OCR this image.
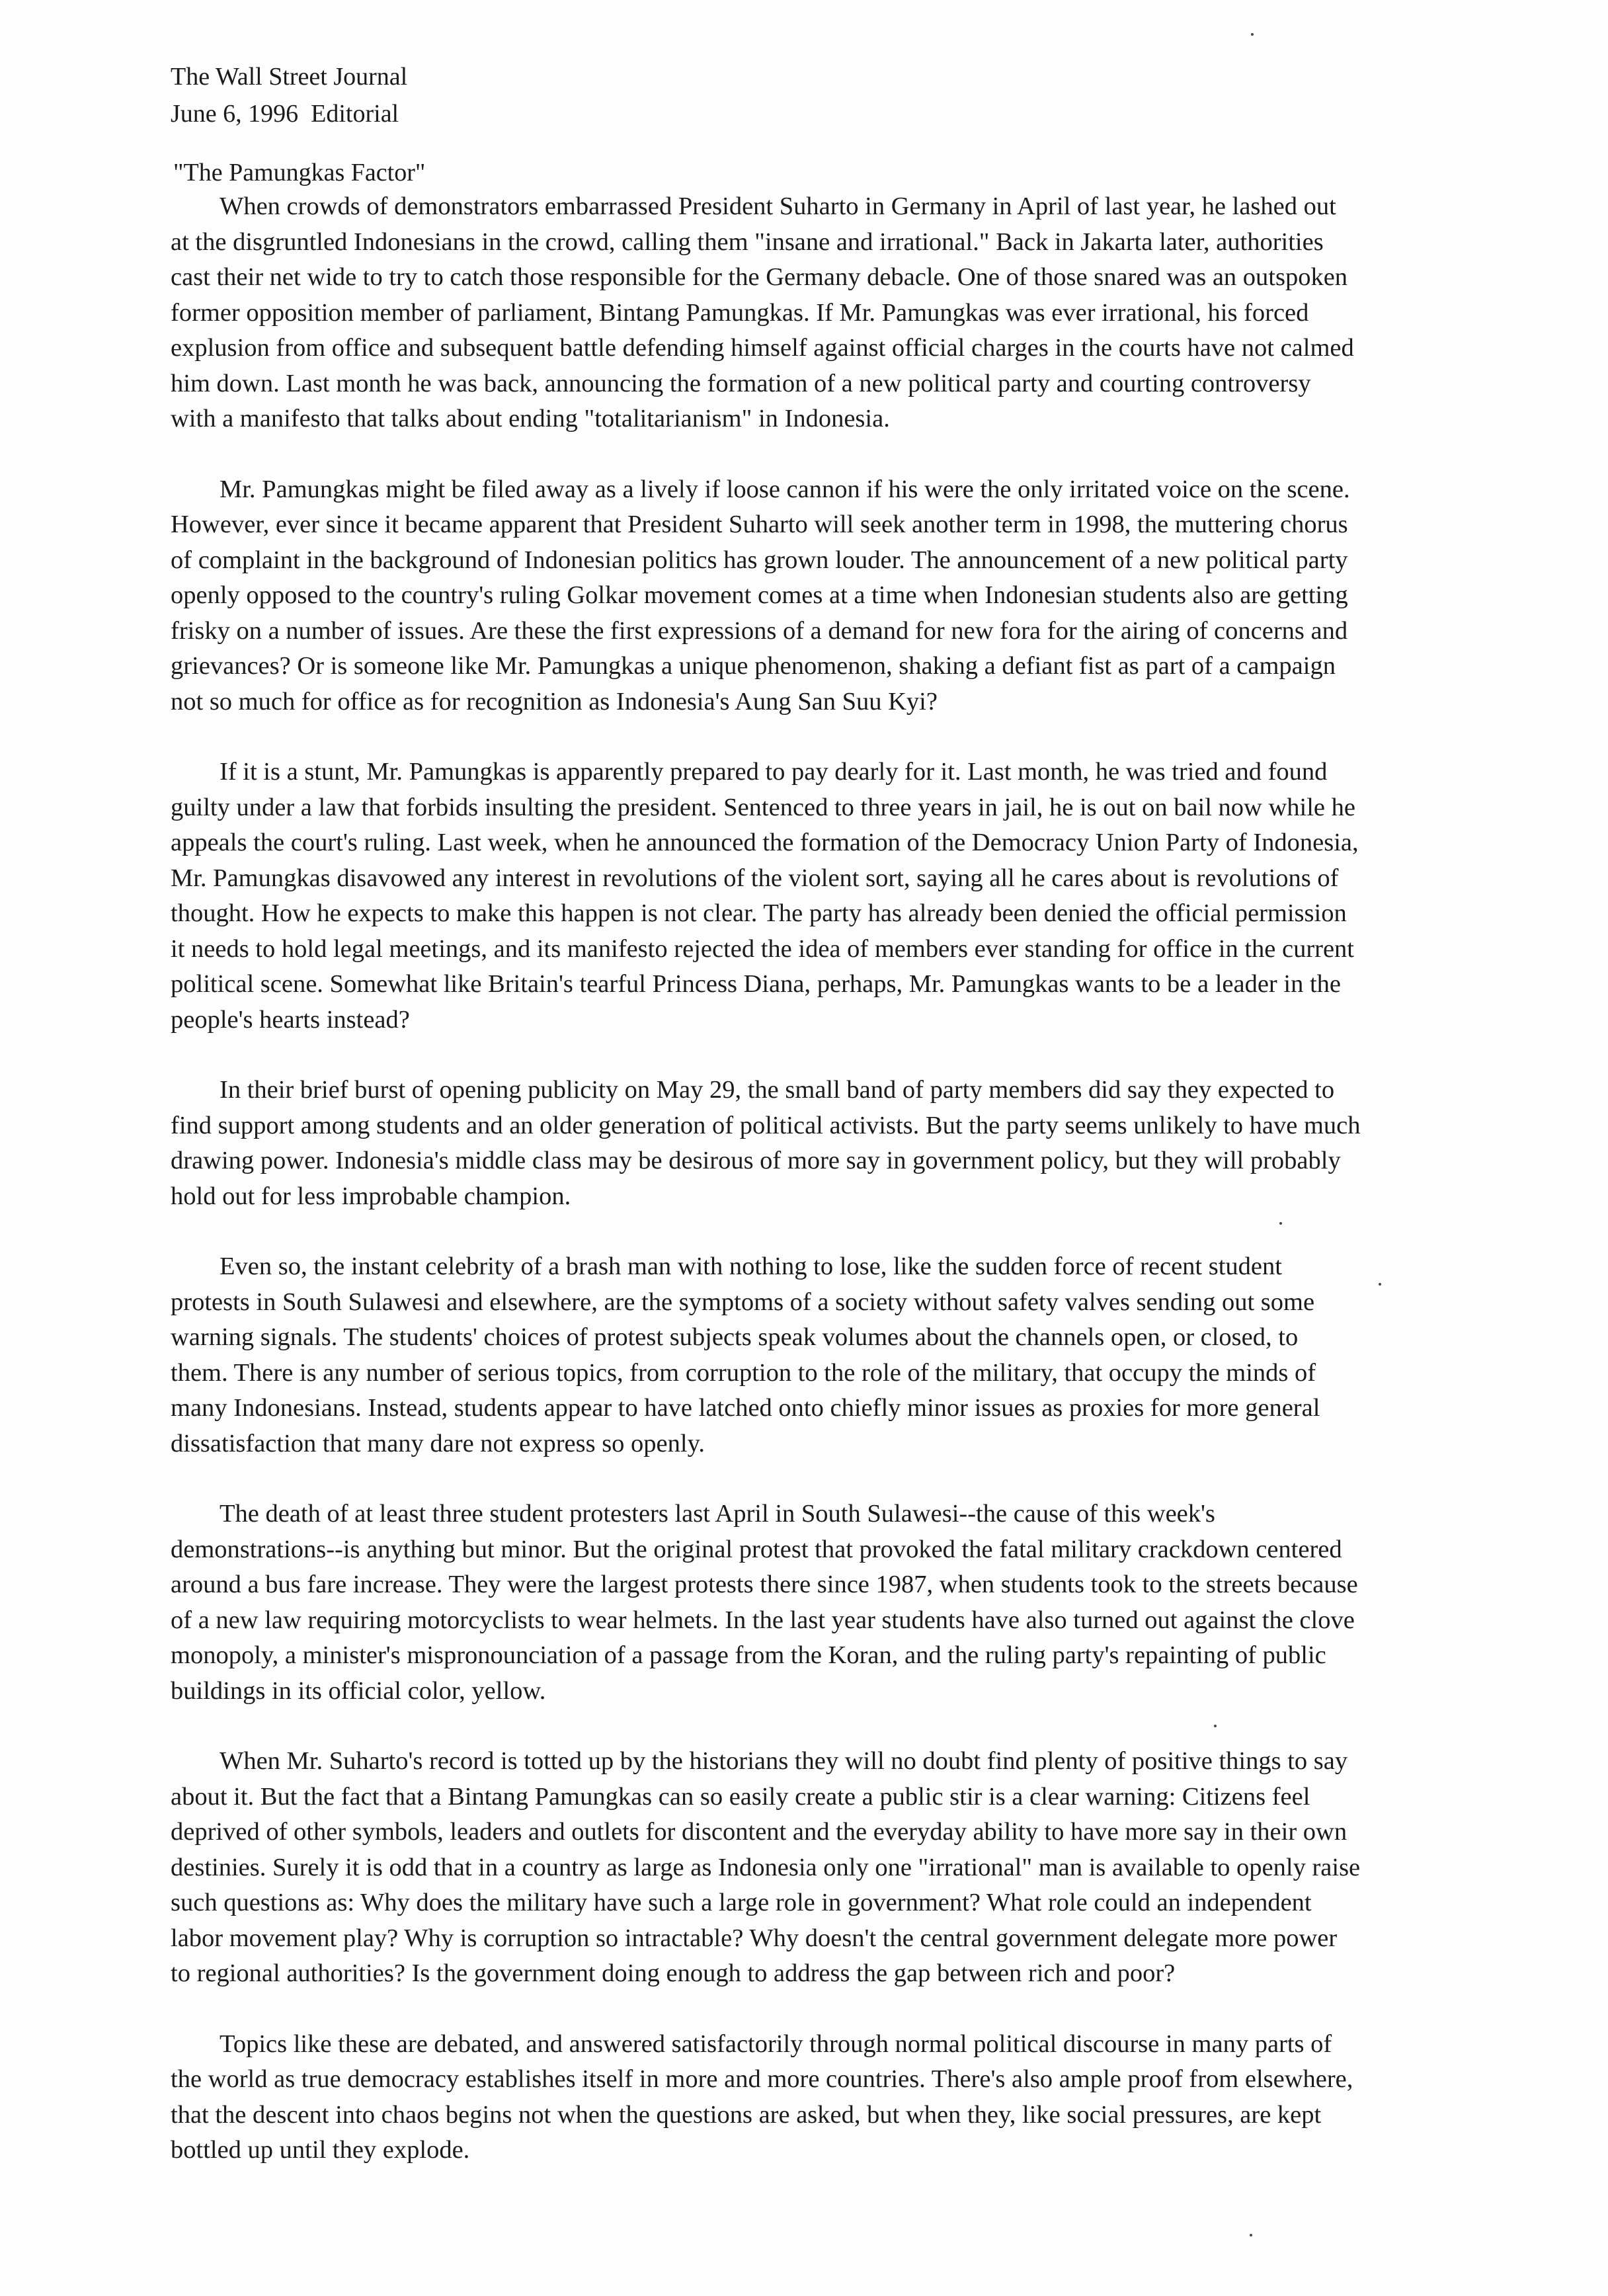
The Wall Street Journal
June 6, 1996  Editorial
"The Pamungkas Factor"

When crowds of demonstrators embarrassed President Suharto in Germany in April of last year, he lashed out at the disgruntled Indonesians in the crowd, calling them "insane and irrational." Back in Jakarta later, authorities cast their net wide to try to catch those responsible for the Germany debacle. One of those snared was an outspoken former opposition member of parliament, Bintang Pamungkas. If Mr. Pamungkas was ever irrational, his forced explusion from office and subsequent battle defending himself against official charges in the courts have not calmed him down. Last month he was back, announcing the formation of a new political party and courting controversy with a manifesto that talks about ending "totalitarianism" in Indonesia.

Mr. Pamungkas might be filed away as a lively if loose cannon if his were the only irritated voice on the scene. However, ever since it became apparent that President Suharto will seek another term in 1998, the muttering chorus of complaint in the background of Indonesian politics has grown louder. The announcement of a new political party openly opposed to the country's ruling Golkar movement comes at a time when Indonesian students also are getting frisky on a number of issues. Are these the first expressions of a demand for new fora for the airing of concerns and grievances? Or is someone like Mr. Pamungkas a unique phenomenon, shaking a defiant fist as part of a campaign not so much for office as for recognition as Indonesia's Aung San Suu Kyi?

If it is a stunt, Mr. Pamungkas is apparently prepared to pay dearly for it. Last month, he was tried and found guilty under a law that forbids insulting the president. Sentenced to three years in jail, he is out on bail now while he appeals the court's ruling. Last week, when he announced the formation of the Democracy Union Party of Indonesia, Mr. Pamungkas disavowed any interest in revolutions of the violent sort, saying all he cares about is revolutions of thought. How he expects to make this happen is not clear. The party has already been denied the official permission it needs to hold legal meetings, and its manifesto rejected the idea of members ever standing for office in the current political scene. Somewhat like Britain's tearful Princess Diana, perhaps, Mr. Pamungkas wants to be a leader in the people's hearts instead?

In their brief burst of opening publicity on May 29, the small band of party members did say they expected to find support among students and an older generation of political activists. But the party seems unlikely to have much drawing power. Indonesia's middle class may be desirous of more say in government policy, but they will probably hold out for less improbable champion.

Even so, the instant celebrity of a brash man with nothing to lose, like the sudden force of recent student protests in South Sulawesi and elsewhere, are the symptoms of a society without safety valves sending out some warning signals. The students' choices of protest subjects speak volumes about the channels open, or closed, to them. There is any number of serious topics, from corruption to the role of the military, that occupy the minds of many Indonesians. Instead, students appear to have latched onto chiefly minor issues as proxies for more general dissatisfaction that many dare not express so openly.

The death of at least three student protesters last April in South Sulawesi--the cause of this week's demonstrations--is anything but minor. But the original protest that provoked the fatal military crackdown centered around a bus fare increase. They were the largest protests there since 1987, when students took to the streets because of a new law requiring motorcyclists to wear helmets. In the last year students have also turned out against the clove monopoly, a minister's mispronounciation of a passage from the Koran, and the ruling party's repainting of public buildings in its official color, yellow.

When Mr. Suharto's record is totted up by the historians they will no doubt find plenty of positive things to say about it. But the fact that a Bintang Pamungkas can so easily create a public stir is a clear warning: Citizens feel deprived of other symbols, leaders and outlets for discontent and the everyday ability to have more say in their own destinies. Surely it is odd that in a country as large as Indonesia only one "irrational" man is available to openly raise such questions as: Why does the military have such a large role in government? What role could an independent labor movement play? Why is corruption so intractable? Why doesn't the central government delegate more power to regional authorities? Is the government doing enough to address the gap between rich and poor?

Topics like these are debated, and answered satisfactorily through normal political discourse in many parts of the world as true democracy establishes itself in more and more countries. There's also ample proof from elsewhere, that the descent into chaos begins not when the questions are asked, but when they, like social pressures, are kept bottled up until they explode.
